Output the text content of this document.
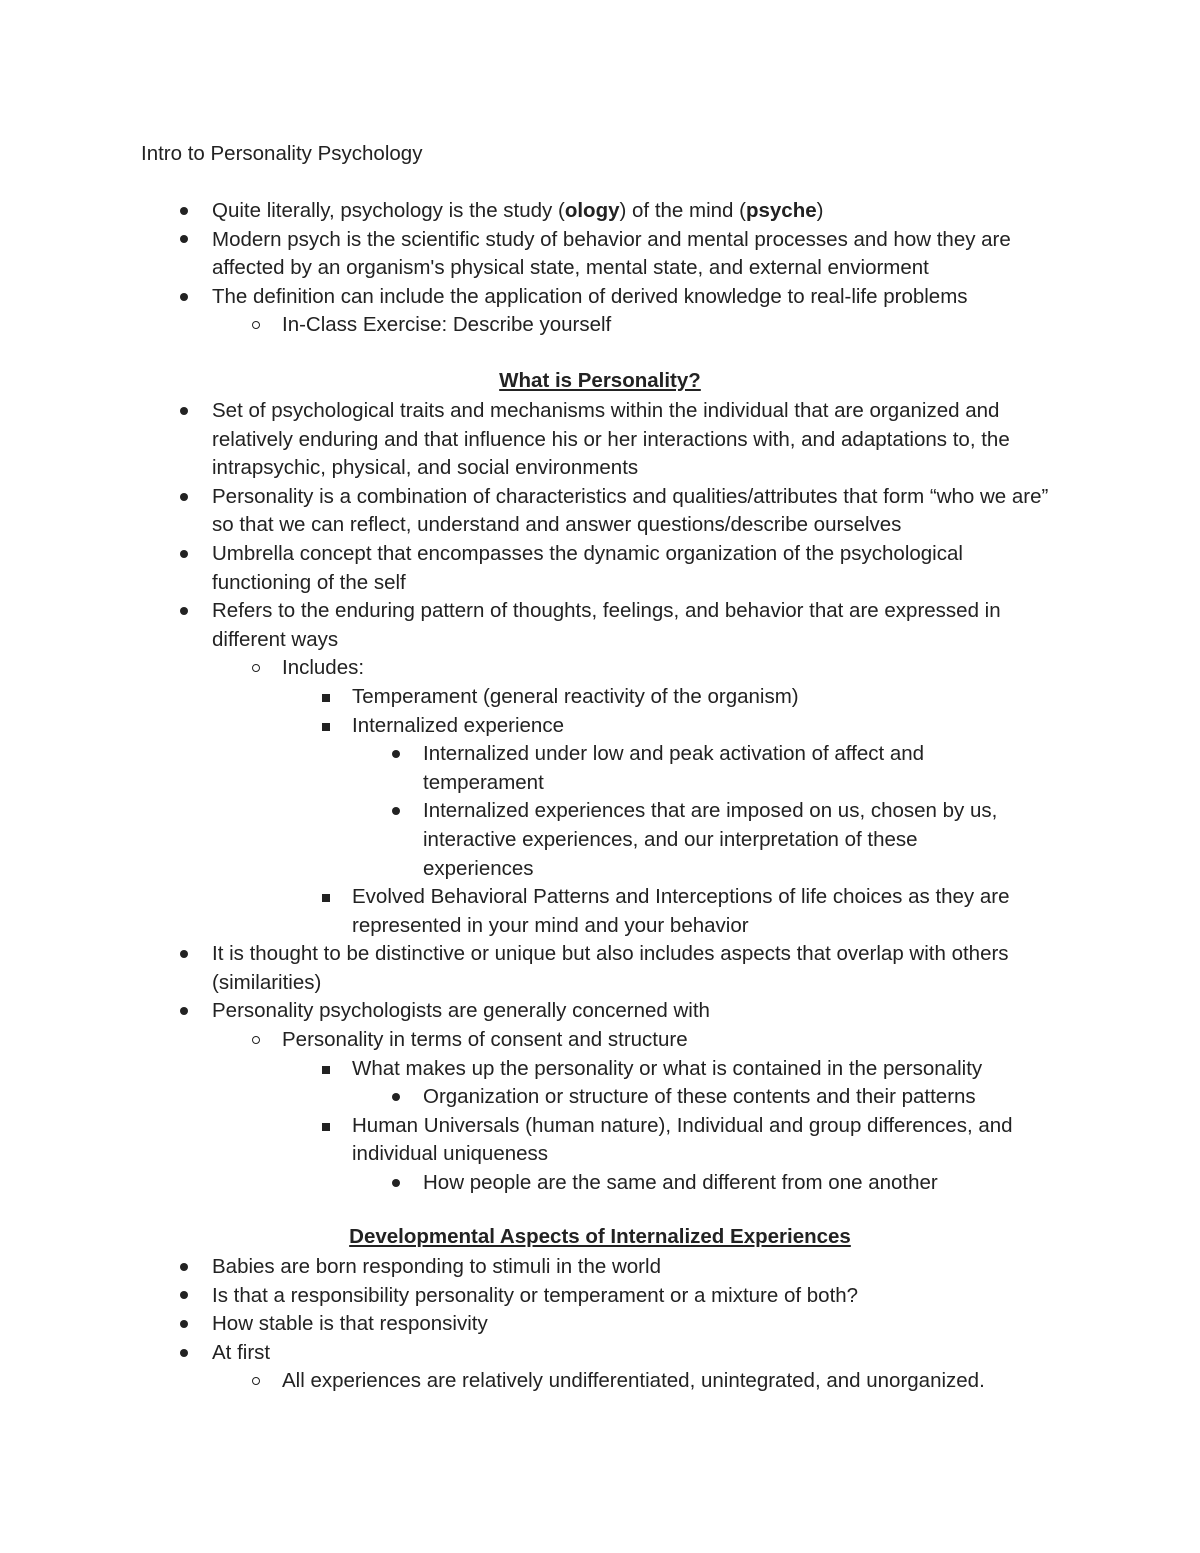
Intro to Personality Psychology
Quite literally, psychology is the study (ology) of the mind (psyche)
Modern psych is the scientific study of behavior and mental processes and how they are affected by an organism's physical state, mental state, and external enviorment
The definition can include the application of derived knowledge to real-life problems
In-Class Exercise: Describe yourself
What is Personality?
Set of psychological traits and mechanisms within the individual that are organized and relatively enduring and that influence his or her interactions with, and adaptations to, the intrapsychic, physical, and social environments
Personality is a combination of characteristics and qualities/attributes that form “who we are” so that we can reflect, understand and answer questions/describe ourselves
Umbrella concept that encompasses the dynamic organization of the psychological functioning of the self
Refers to the enduring pattern of thoughts, feelings, and behavior that are expressed in different ways
Includes:
Temperament (general reactivity of the organism)
Internalized experience
Internalized under low and peak activation of affect and temperament
Internalized experiences that are imposed on us, chosen by us, interactive experiences, and our interpretation of these experiences
Evolved Behavioral Patterns and Interceptions of life choices as they are represented in your mind and your behavior
It is thought to be distinctive or unique but also includes aspects that overlap with others (similarities)
Personality psychologists are generally concerned with
Personality in terms of consent and structure
What makes up the personality or what is contained in the personality
Organization or structure of these contents and their patterns
Human Universals (human nature), Individual and group differences, and individual uniqueness
How people are the same and different from one another
Developmental Aspects of Internalized Experiences
Babies are born responding to stimuli in the world
Is that a responsibility personality or temperament or a mixture of both?
How stable is that responsivity
At first
All experiences are relatively undifferentiated, unintegrated, and unorganized.
